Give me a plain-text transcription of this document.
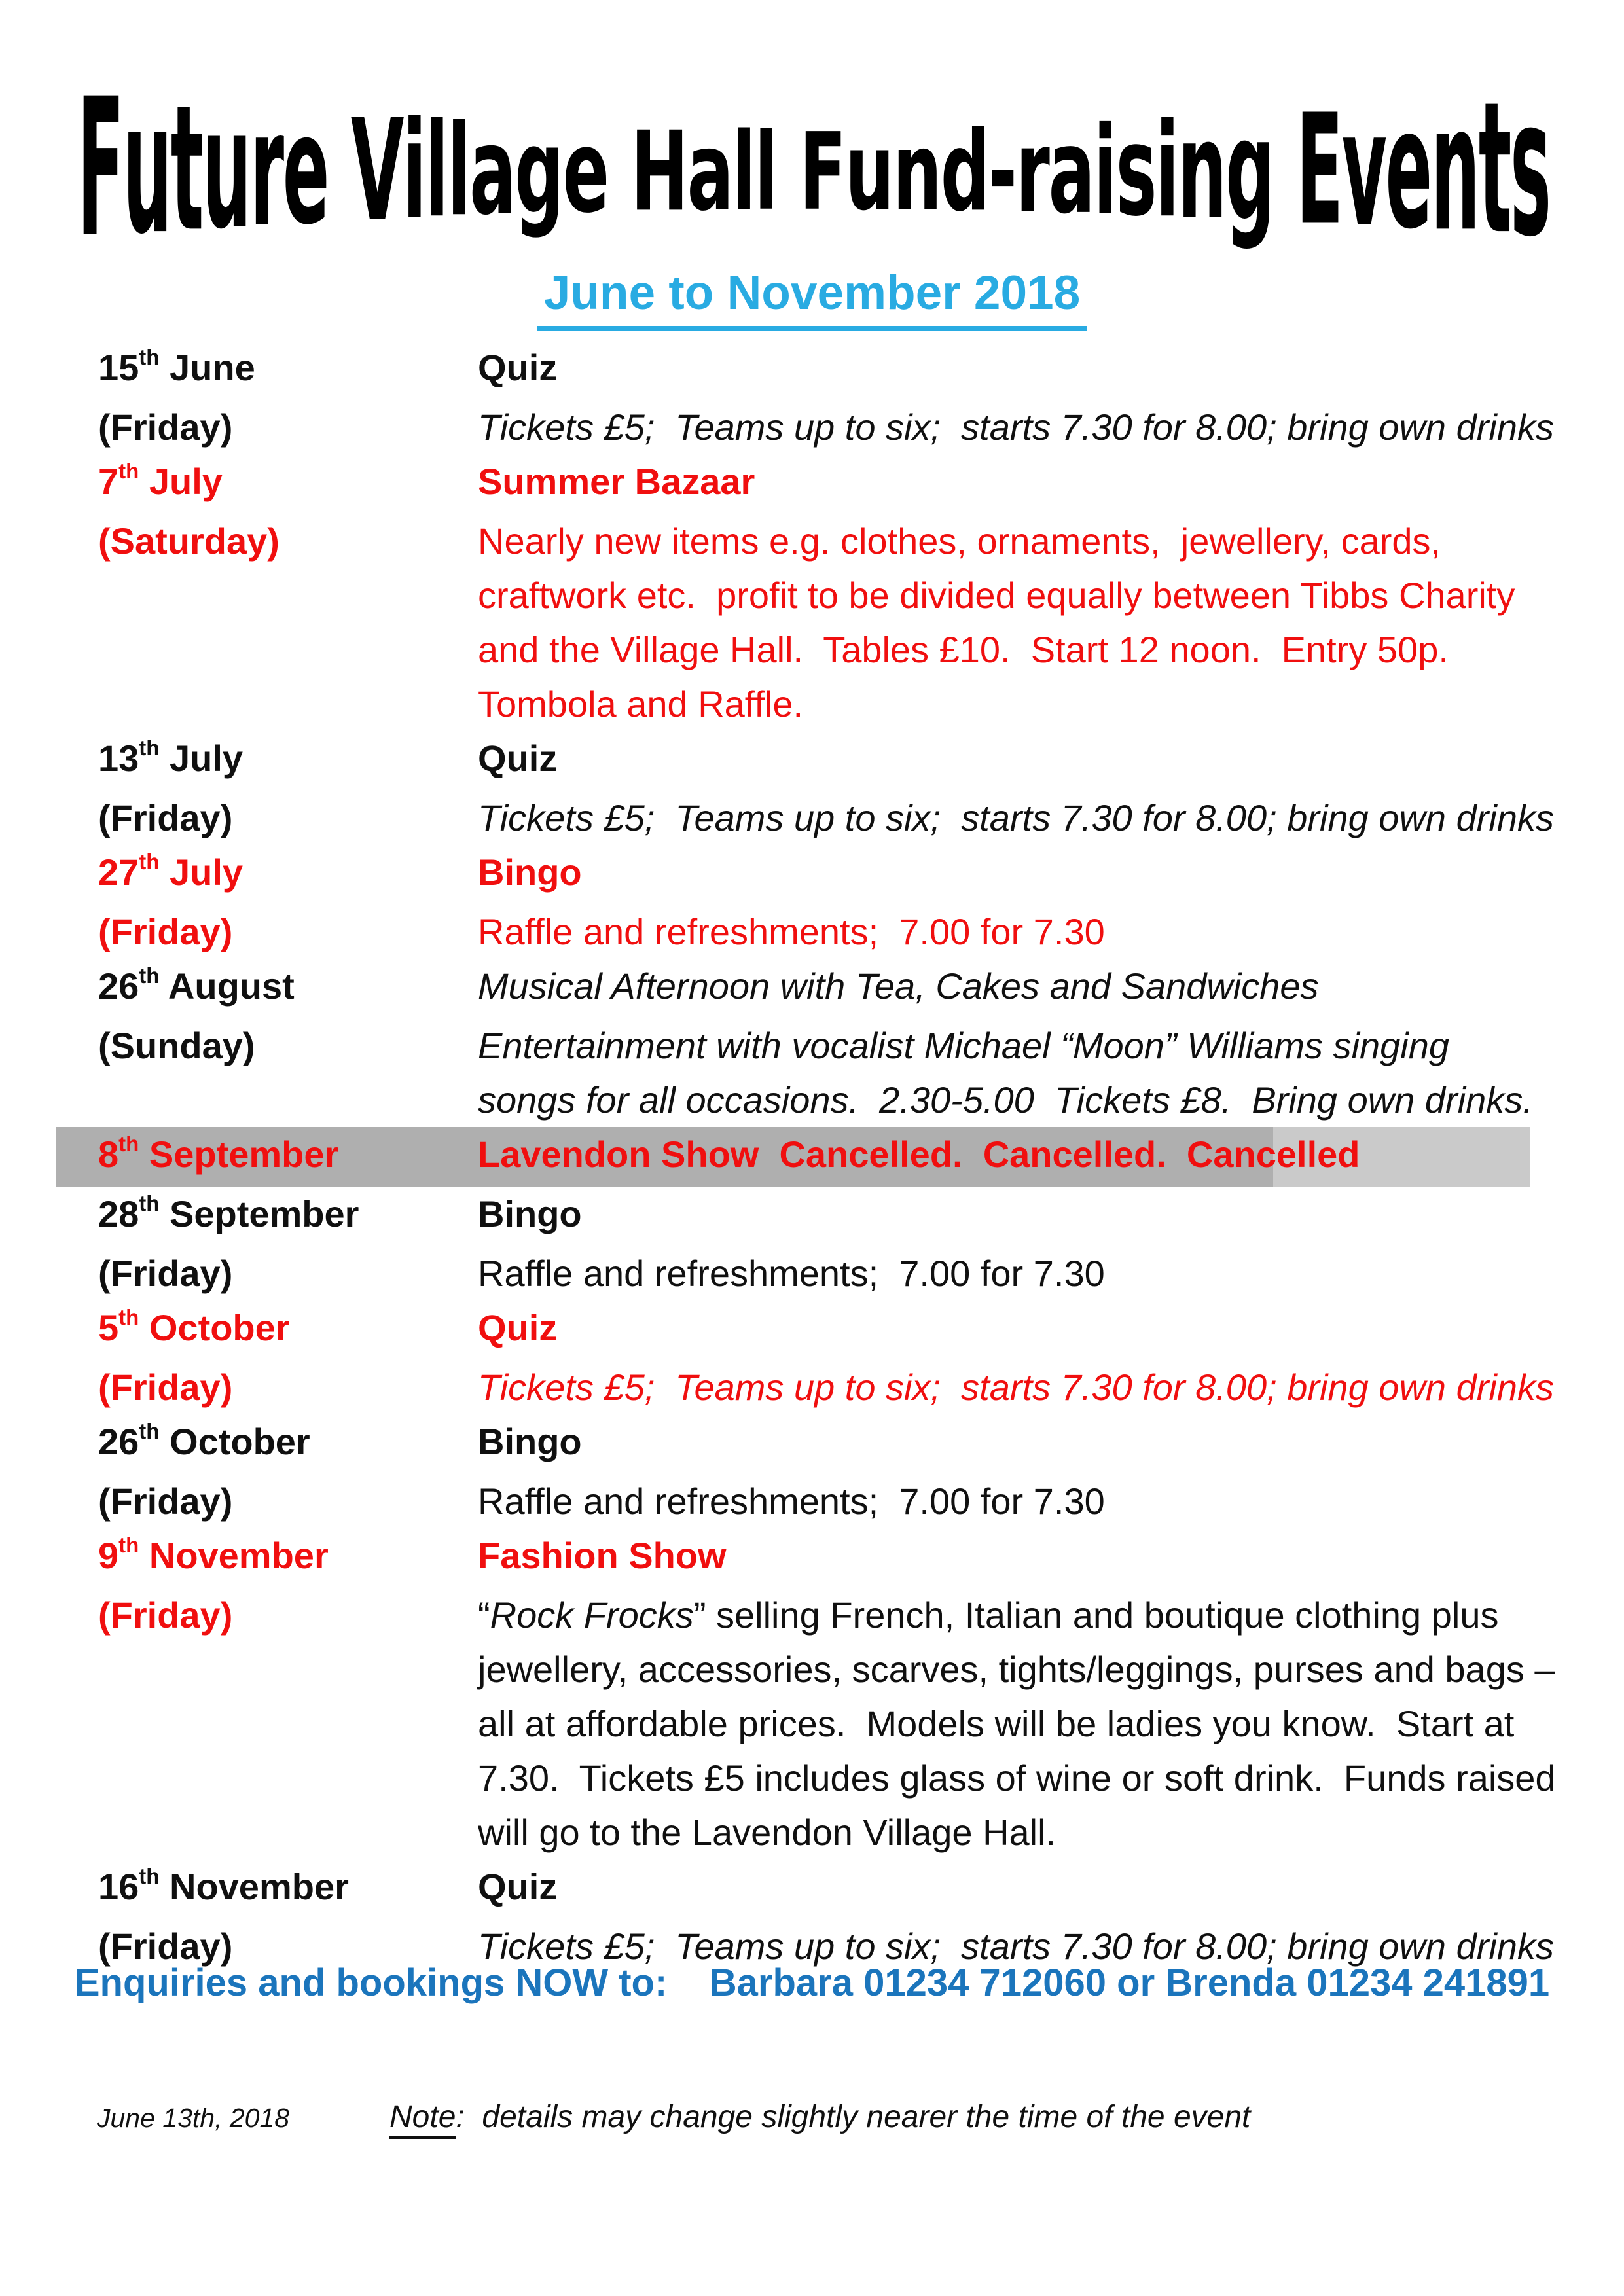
Future Village Hall Fund-raising Events
June to November 2018
15th June	Quiz
(Friday)	Tickets £5;  Teams up to six;  starts 7.30 for 8.00; bring own drinks
7th July	Summer Bazaar
(Saturday)	Nearly new items e.g. clothes, ornaments,  jewellery, cards,
craftwork etc.  profit to be divided equally between Tibbs Charity
and the Village Hall.  Tables £10.  Start 12 noon.  Entry 50p.
Tombola and Raffle.
13th July	Quiz
(Friday)	Tickets £5;  Teams up to six;  starts 7.30 for 8.00; bring own drinks
27th July	Bingo
(Friday)	Raffle and refreshments;  7.00 for 7.30
26th August	Musical Afternoon with Tea, Cakes and Sandwiches
(Sunday)	Entertainment with vocalist Michael “Moon” Williams singing
songs for all occasions.  2.30-5.00  Tickets £8.  Bring own drinks.
8th September	Lavendon Show  Cancelled.  Cancelled.  Cancelled
28th September	Bingo
(Friday)	Raffle and refreshments;  7.00 for 7.30
5th October	Quiz
(Friday)	Tickets £5;  Teams up to six;  starts 7.30 for 8.00; bring own drinks
26th October	Bingo
(Friday)	Raffle and refreshments;  7.00 for 7.30
9th November	Fashion Show
(Friday)	“Rock Frocks” selling French, Italian and boutique clothing plus
jewellery, accessories, scarves, tights/leggings, purses and bags –
all at affordable prices.  Models will be ladies you know.  Start at
7.30.  Tickets £5 includes glass of wine or soft drink.  Funds raised
will go to the Lavendon Village Hall.
16th November	Quiz
(Friday)	Tickets £5;  Teams up to six;  starts 7.30 for 8.00; bring own drinks
Enquiries and bookings NOW to:    Barbara 01234 712060 or Brenda 01234 241891
June 13th, 2018	Note:  details may change slightly nearer the time of the event
